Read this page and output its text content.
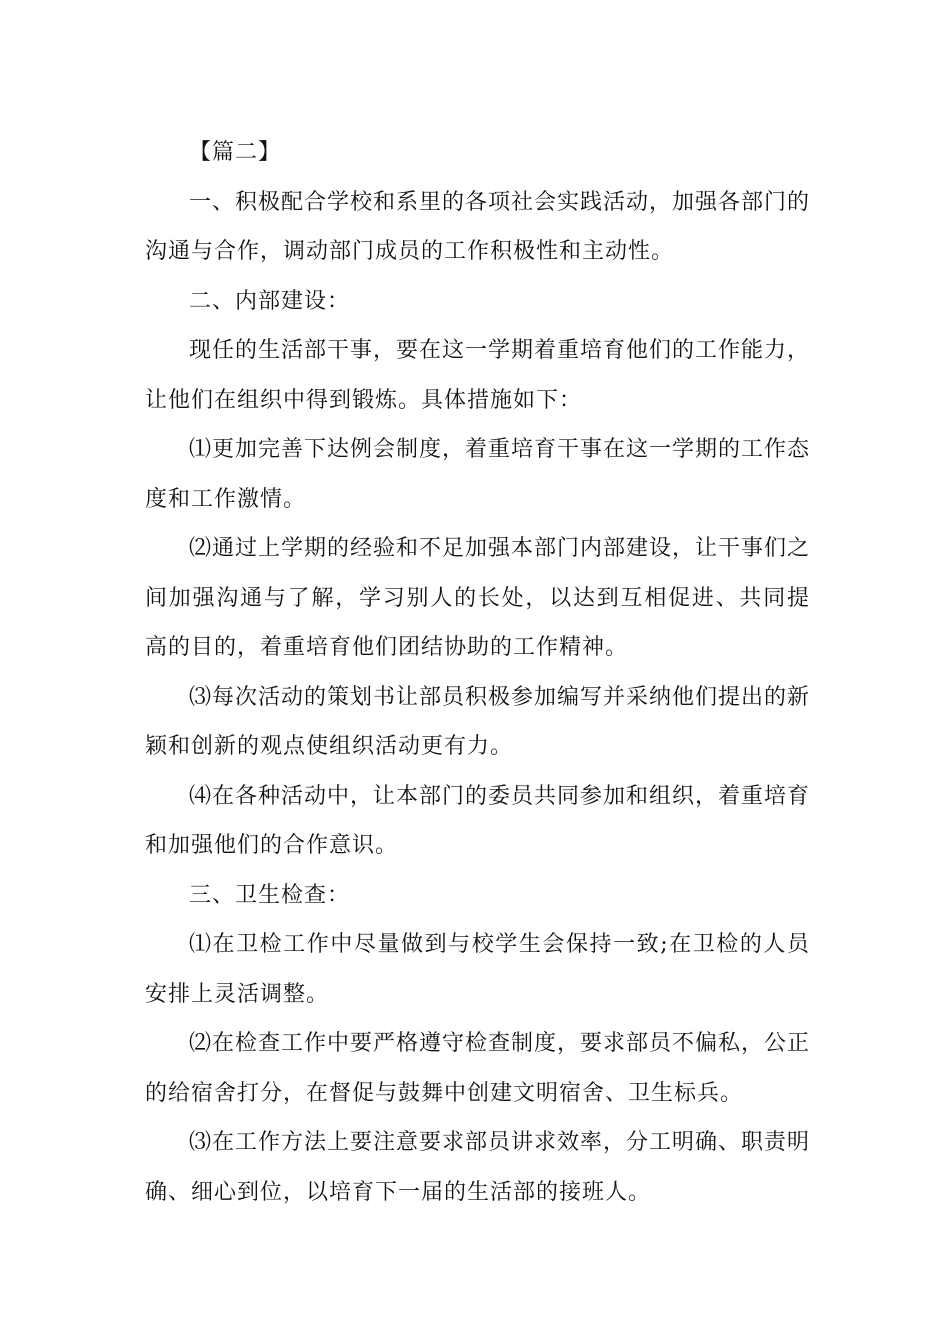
【篇二】

一、积极配合学校和系里的各项社会实践活动，加强各部门的沟通与合作，调动部门成员的工作积极性和主动性。

二、内部建设：

现任的生活部干事，要在这一学期着重培育他们的工作能力，让他们在组织中得到锻炼。具体措施如下：

⑴更加完善下达例会制度，着重培育干事在这一学期的工作态度和工作激情。

⑵通过上学期的经验和不足加强本部门内部建设，让干事们之间加强沟通与了解，学习别人的长处，以达到互相促进、共同提高的目的，着重培育他们团结协助的工作精神。

⑶每次活动的策划书让部员积极参加编写并采纳他们提出的新颖和创新的观点使组织活动更有力。

⑷在各种活动中，让本部门的委员共同参加和组织，着重培育和加强他们的合作意识。

三、卫生检查：

⑴在卫检工作中尽量做到与校学生会保持一致;在卫检的人员安排上灵活调整。

⑵在检查工作中要严格遵守检查制度，要求部员不偏私，公正的给宿舍打分，在督促与鼓舞中创建文明宿舍、卫生标兵。

⑶在工作方法上要注意要求部员讲求效率，分工明确、职责明确、细心到位，以培育下一届的生活部的接班人。
